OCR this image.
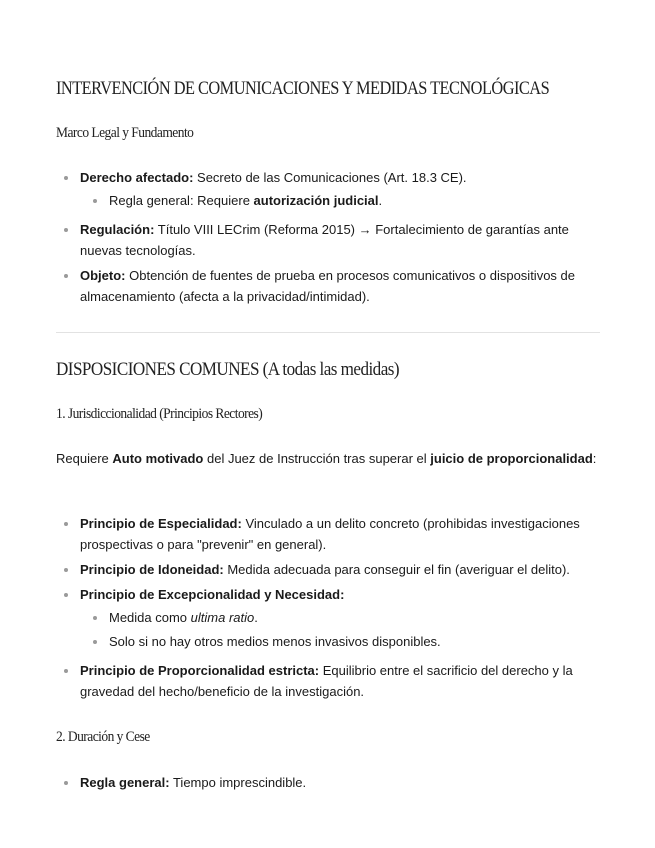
INTERVENCIÓN DE COMUNICACIONES Y MEDIDAS TECNOLÓGICAS
Marco Legal y Fundamento
Derecho afectado: Secreto de las Comunicaciones (Art. 18.3 CE).
Regla general: Requiere autorización judicial.
Regulación: Título VIII LECrim (Reforma 2015) → Fortalecimiento de garantías ante nuevas tecnologías.
Objeto: Obtención de fuentes de prueba en procesos comunicativos o dispositivos de almacenamiento (afecta a la privacidad/intimidad).
DISPOSICIONES COMUNES (A todas las medidas)
1. Jurisdiccionalidad (Principios Rectores)

Requiere Auto motivado del Juez de Instrucción tras superar el juicio de proporcionalidad:

Principio de Especialidad: Vinculado a un delito concreto (prohibidas investigaciones prospectivas o para "prevenir" en general).
Principio de Idoneidad: Medida adecuada para conseguir el fin (averiguar el delito).
Principio de Excepcionalidad y Necesidad:
Medida como ultima ratio.
Solo si no hay otros medios menos invasivos disponibles.
Principio de Proporcionalidad estricta: Equilibrio entre el sacrificio del derecho y la gravedad del hecho/beneficio de la investigación.
2. Duración y Cese
Regla general: Tiempo imprescindible.
